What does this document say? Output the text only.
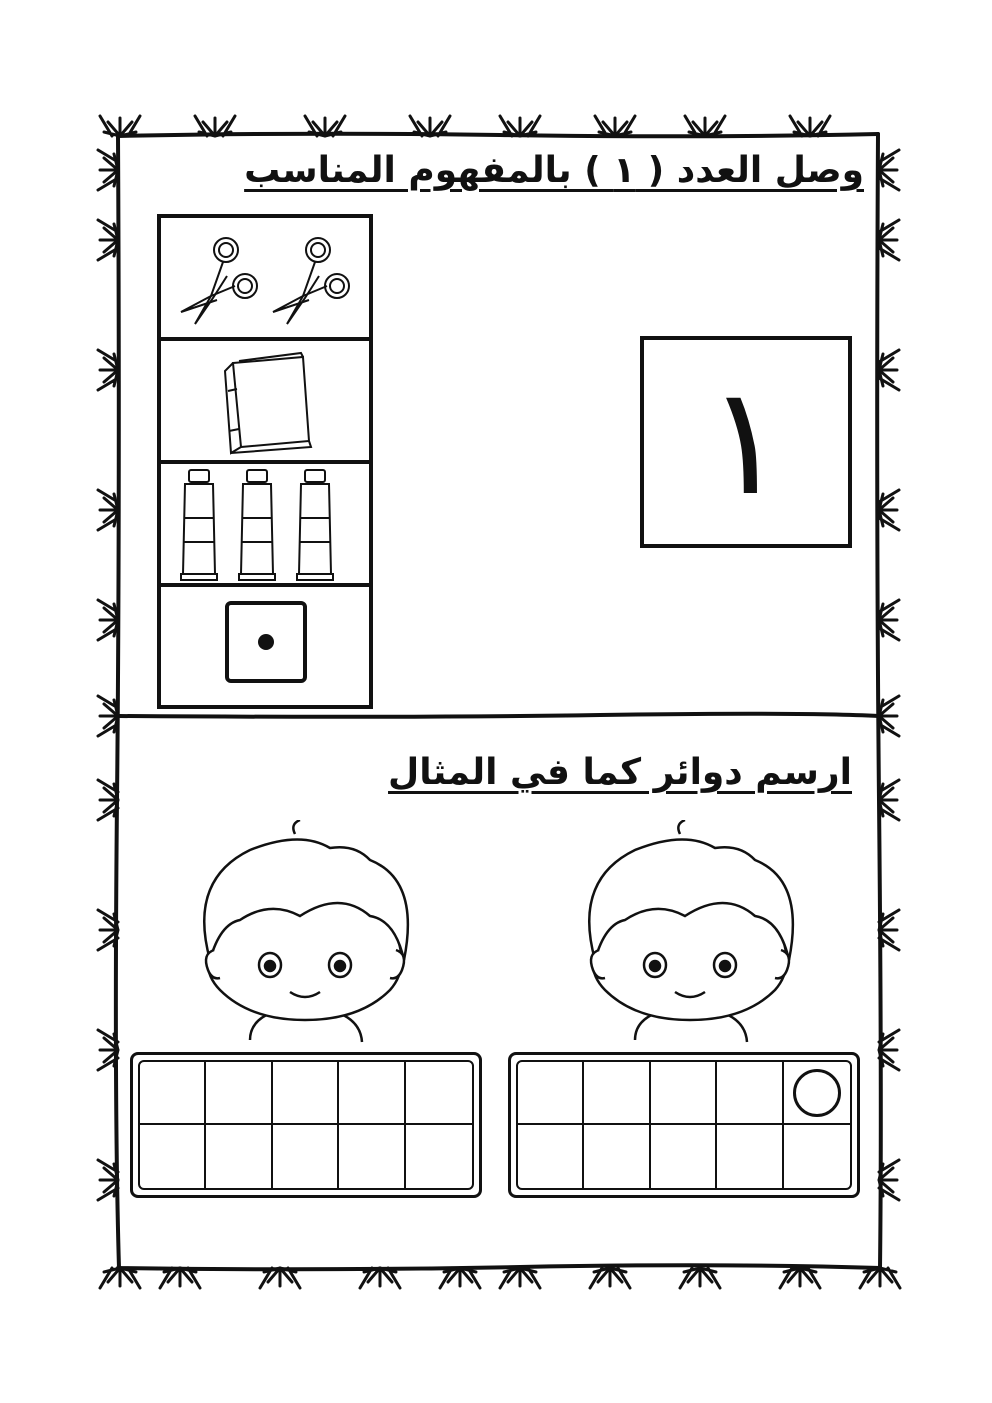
وصل العدد ( ١ ) بالمفهوم المناسب
١
ارسم دوائر كما في المثال
